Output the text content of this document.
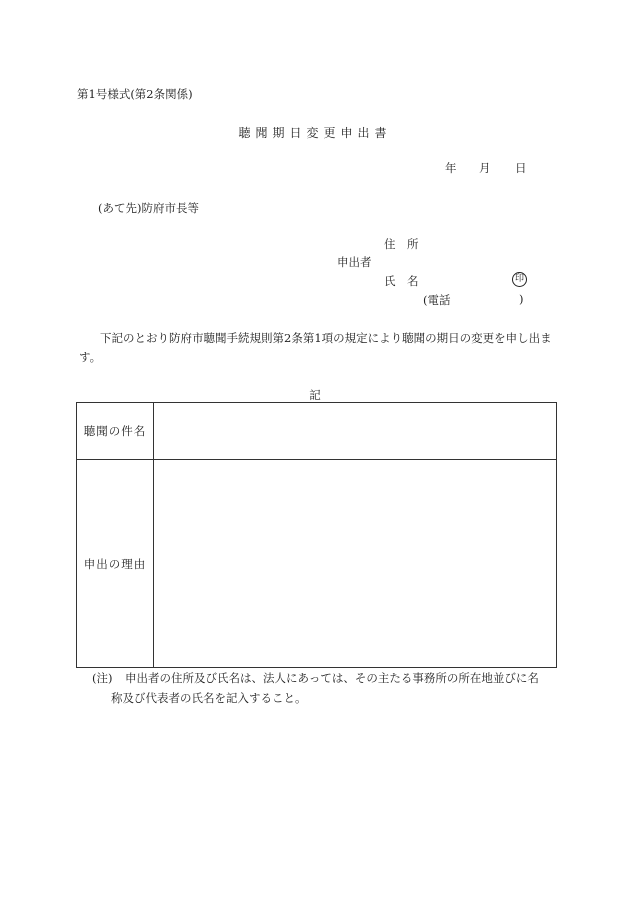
第1号様式(第2条関係)
聴聞期日変更申出書
年 月 日
(あて先)防府市長等
住　所
申出者
氏　名	印
(電話	)
下記のとおり防府市聴聞手続規則第2条第1項の規定により聴聞の期日の変更を申し出ます。
記
聴聞の件名	
申出の理由	
(注) 申出者の住所及び氏名は、法人にあっては、その主たる事務所の所在地並びに名
称及び代表者の氏名を記入すること。
